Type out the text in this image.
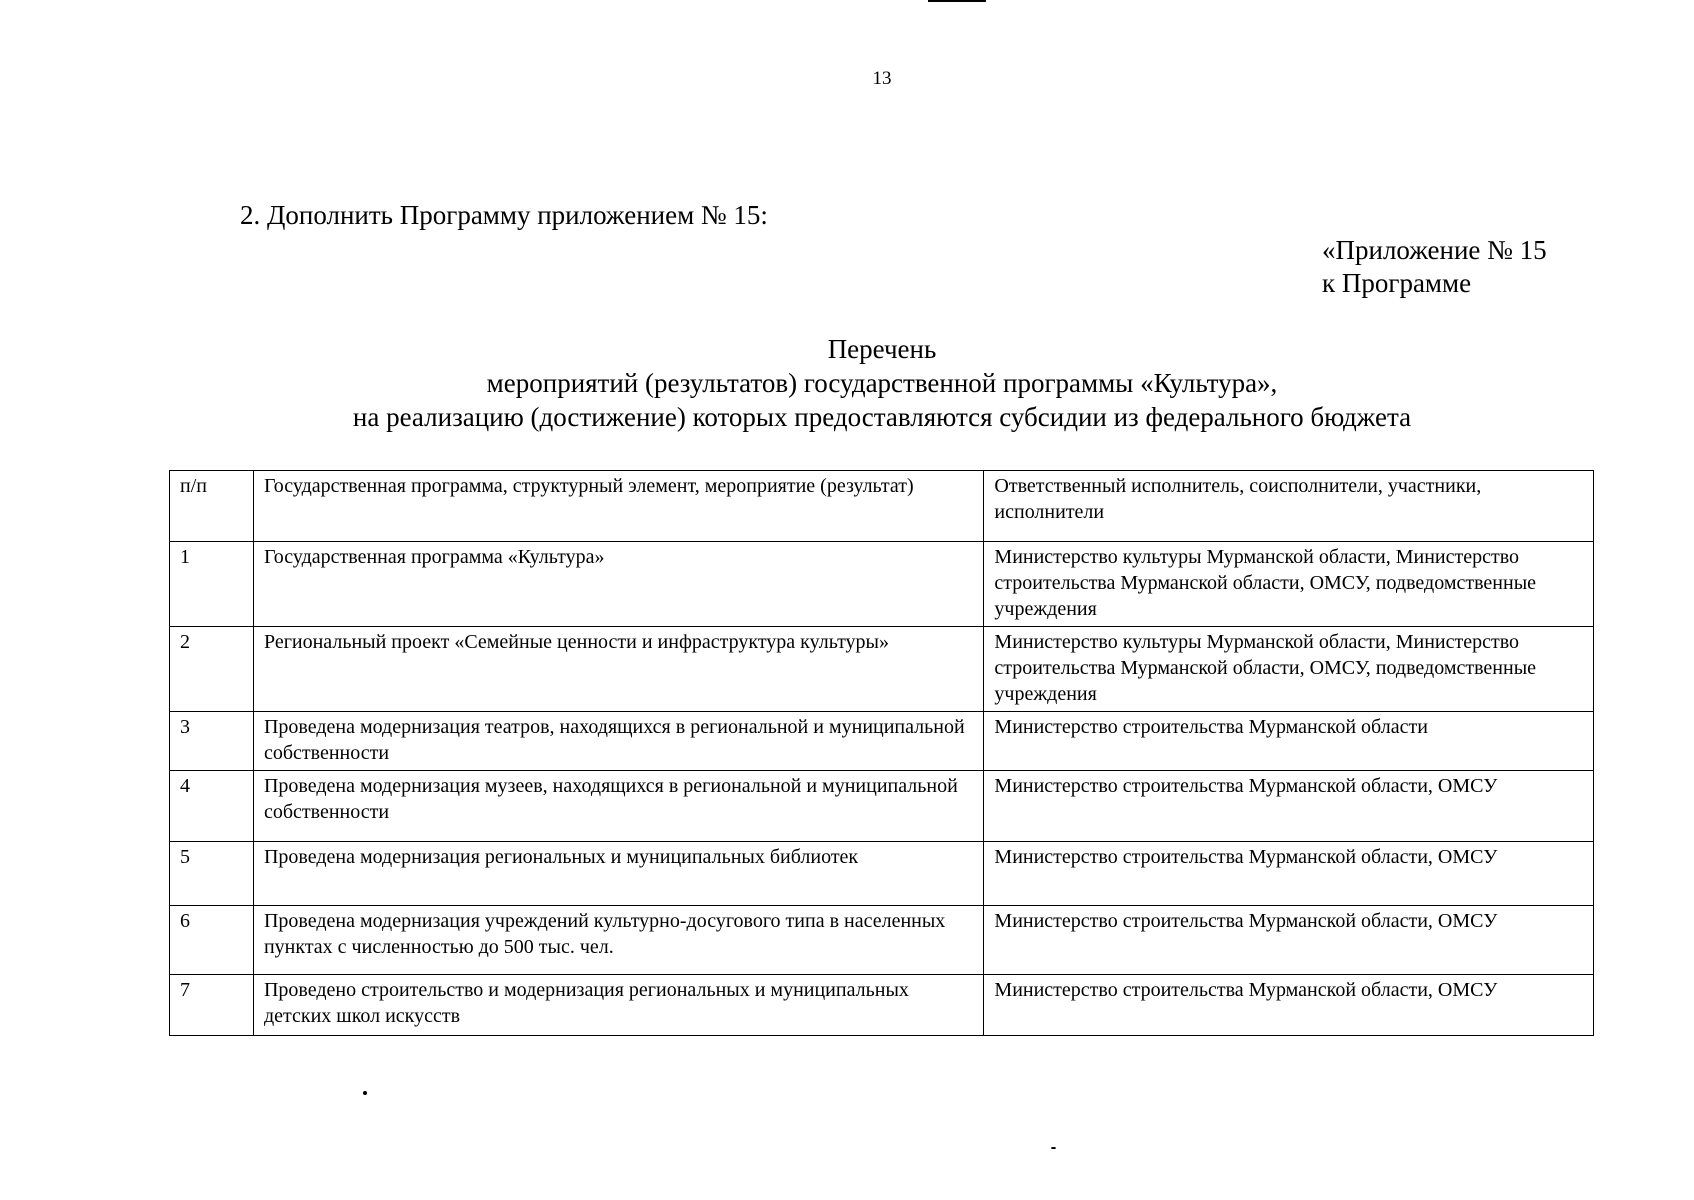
13
2. Дополнить Программу приложением № 15:
«Приложение № 15
к Программе
Перечень
мероприятий (результатов) государственной программы «Культура»,
на реализацию (достижение) которых предоставляются субсидии из федерального бюджета
п/п	Государственная программа, структурный элемент, мероприятие (результат)	Ответственный исполнитель, соисполнители, участники, исполнители
1	Государственная программа «Культура»	Министерство культуры Мурманской области, Министерство строительства Мурманской области, ОМСУ, подведомственные учреждения
2	Региональный проект «Семейные ценности и инфраструктура культуры»	Министерство культуры Мурманской области, Министерство строительства Мурманской области, ОМСУ, подведомственные учреждения
3	Проведена модернизация театров, находящихся в региональной и муниципальной собственности	Министерство строительства Мурманской области
4	Проведена модернизация музеев, находящихся в региональной и муниципальной собственности	Министерство строительства Мурманской области, ОМСУ
5	Проведена модернизация региональных и муниципальных библиотек	Министерство строительства Мурманской области, ОМСУ
6	Проведена модернизация учреждений культурно-досугового типа в населенных пунктах с численностью до 500 тыс. чел.	Министерство строительства Мурманской области, ОМСУ
7	Проведено строительство и модернизация региональных и муниципальных детских школ искусств	Министерство строительства Мурманской области, ОМСУ
